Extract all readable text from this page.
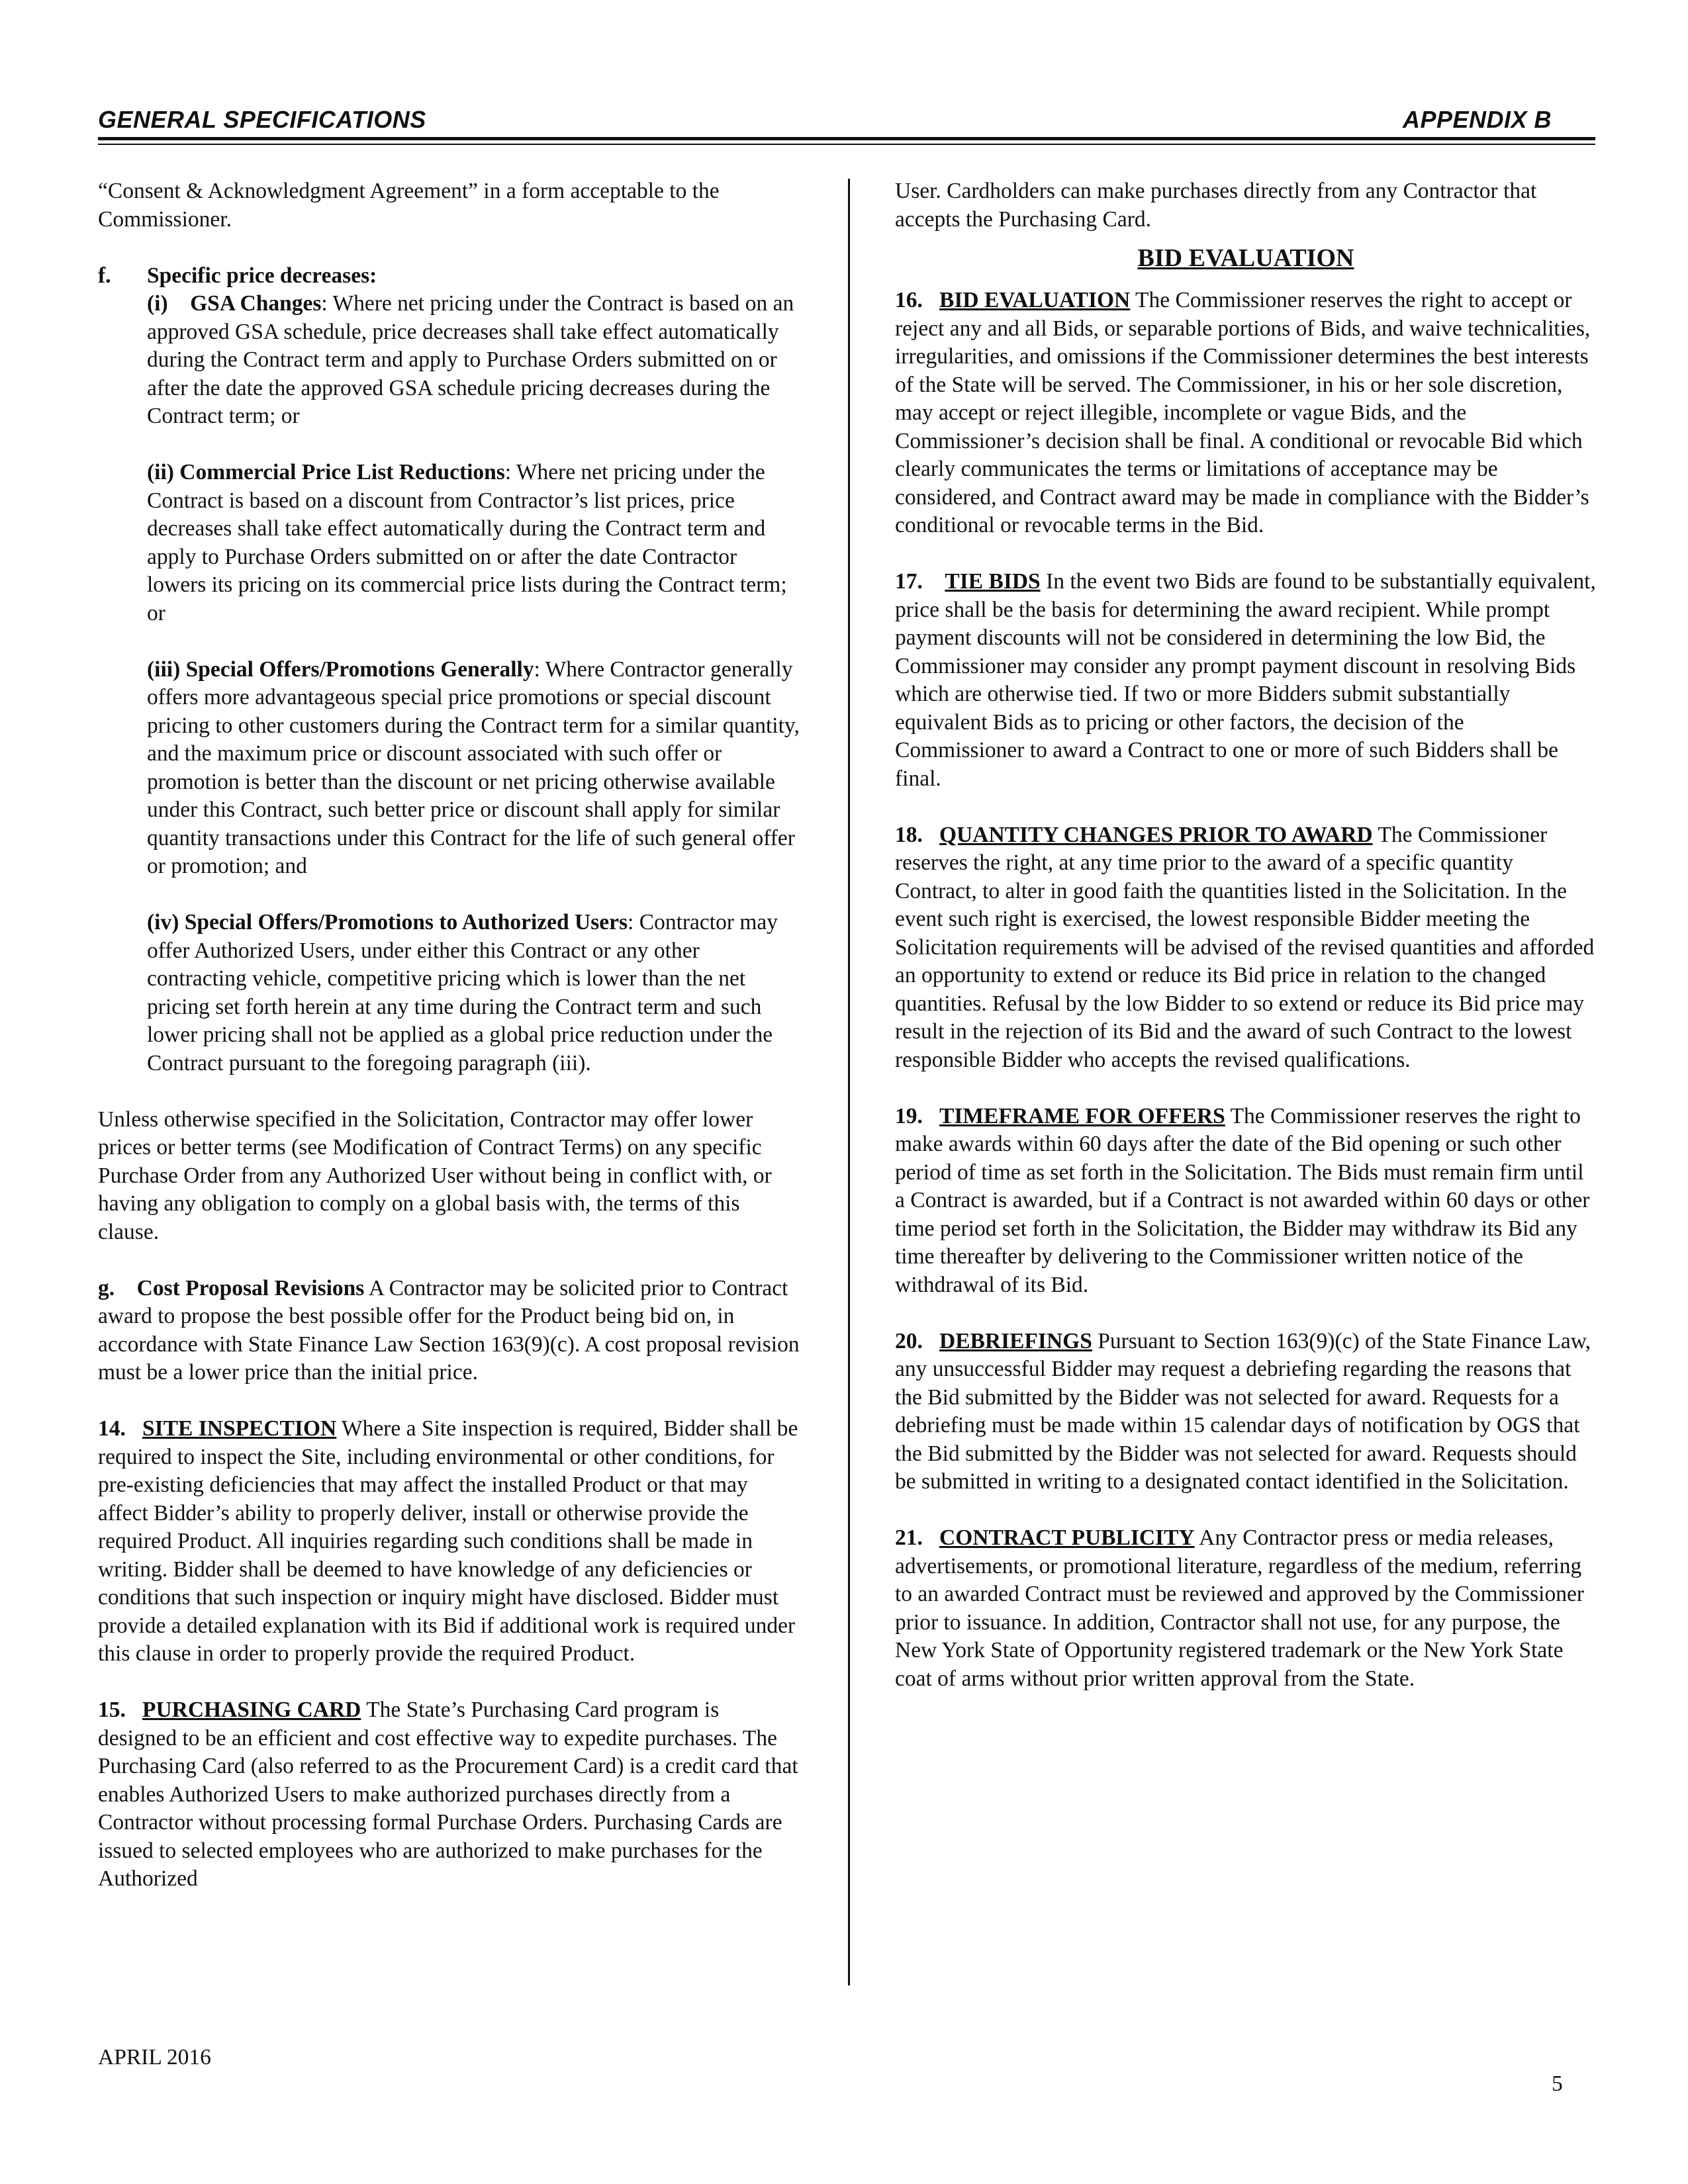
GENERAL SPECIFICATIONS	APPENDIX B

“Consent & Acknowledgment Agreement” in a form acceptable to the Commissioner.

f. Specific price decreases:

(i) GSA Changes: Where net pricing under the Contract is based on an approved GSA schedule, price decreases shall take effect automatically during the Contract term and apply to Purchase Orders submitted on or after the date the approved GSA schedule pricing decreases during the Contract term; or

(ii) Commercial Price List Reductions: Where net pricing under the Contract is based on a discount from Contractor’s list prices, price decreases shall take effect automatically during the Contract term and apply to Purchase Orders submitted on or after the date Contractor lowers its pricing on its commercial price lists during the Contract term; or

(iii) Special Offers/Promotions Generally: Where Contractor generally offers more advantageous special price promotions or special discount pricing to other customers during the Contract term for a similar quantity, and the maximum price or discount associated with such offer or promotion is better than the discount or net pricing otherwise available under this Contract, such better price or discount shall apply for similar quantity transactions under this Contract for the life of such general offer or promotion; and

(iv) Special Offers/Promotions to Authorized Users: Contractor may offer Authorized Users, under either this Contract or any other contracting vehicle, competitive pricing which is lower than the net pricing set forth herein at any time during the Contract term and such lower pricing shall not be applied as a global price reduction under the Contract pursuant to the foregoing paragraph (iii).

Unless otherwise specified in the Solicitation, Contractor may offer lower prices or better terms (see Modification of Contract Terms) on any specific Purchase Order from any Authorized User without being in conflict with, or having any obligation to comply on a global basis with, the terms of this clause.

g. Cost Proposal Revisions A Contractor may be solicited prior to Contract award to propose the best possible offer for the Product being bid on, in accordance with State Finance Law Section 163(9)(c). A cost proposal revision must be a lower price than the initial price.

14. SITE INSPECTION Where a Site inspection is required, Bidder shall be required to inspect the Site, including environmental or other conditions, for pre-existing deficiencies that may affect the installed Product or that may affect Bidder’s ability to properly deliver, install or otherwise provide the required Product. All inquiries regarding such conditions shall be made in writing. Bidder shall be deemed to have knowledge of any deficiencies or conditions that such inspection or inquiry might have disclosed. Bidder must provide a detailed explanation with its Bid if additional work is required under this clause in order to properly provide the required Product.

15. PURCHASING CARD The State’s Purchasing Card program is designed to be an efficient and cost effective way to expedite purchases. The Purchasing Card (also referred to as the Procurement Card) is a credit card that enables Authorized Users to make authorized purchases directly from a Contractor without processing formal Purchase Orders. Purchasing Cards are issued to selected employees who are authorized to make purchases for the Authorized

User. Cardholders can make purchases directly from any Contractor that accepts the Purchasing Card.

BID EVALUATION

16. BID EVALUATION The Commissioner reserves the right to accept or reject any and all Bids, or separable portions of Bids, and waive technicalities, irregularities, and omissions if the Commissioner determines the best interests of the State will be served. The Commissioner, in his or her sole discretion, may accept or reject illegible, incomplete or vague Bids, and the Commissioner’s decision shall be final. A conditional or revocable Bid which clearly communicates the terms or limitations of acceptance may be considered, and Contract award may be made in compliance with the Bidder’s conditional or revocable terms in the Bid.

17. TIE BIDS In the event two Bids are found to be substantially equivalent, price shall be the basis for determining the award recipient. While prompt payment discounts will not be considered in determining the low Bid, the Commissioner may consider any prompt payment discount in resolving Bids which are otherwise tied. If two or more Bidders submit substantially equivalent Bids as to pricing or other factors, the decision of the Commissioner to award a Contract to one or more of such Bidders shall be final.

18. QUANTITY CHANGES PRIOR TO AWARD The Commissioner reserves the right, at any time prior to the award of a specific quantity Contract, to alter in good faith the quantities listed in the Solicitation. In the event such right is exercised, the lowest responsible Bidder meeting the Solicitation requirements will be advised of the revised quantities and afforded an opportunity to extend or reduce its Bid price in relation to the changed quantities. Refusal by the low Bidder to so extend or reduce its Bid price may result in the rejection of its Bid and the award of such Contract to the lowest responsible Bidder who accepts the revised qualifications.

19. TIMEFRAME FOR OFFERS The Commissioner reserves the right to make awards within 60 days after the date of the Bid opening or such other period of time as set forth in the Solicitation. The Bids must remain firm until a Contract is awarded, but if a Contract is not awarded within 60 days or other time period set forth in the Solicitation, the Bidder may withdraw its Bid any time thereafter by delivering to the Commissioner written notice of the withdrawal of its Bid.

20. DEBRIEFINGS Pursuant to Section 163(9)(c) of the State Finance Law, any unsuccessful Bidder may request a debriefing regarding the reasons that the Bid submitted by the Bidder was not selected for award. Requests for a debriefing must be made within 15 calendar days of notification by OGS that the Bid submitted by the Bidder was not selected for award. Requests should be submitted in writing to a designated contact identified in the Solicitation.

21. CONTRACT PUBLICITY Any Contractor press or media releases, advertisements, or promotional literature, regardless of the medium, referring to an awarded Contract must be reviewed and approved by the Commissioner prior to issuance. In addition, Contractor shall not use, for any purpose, the New York State of Opportunity registered trademark or the New York State coat of arms without prior written approval from the State.

APRIL 2016
5
